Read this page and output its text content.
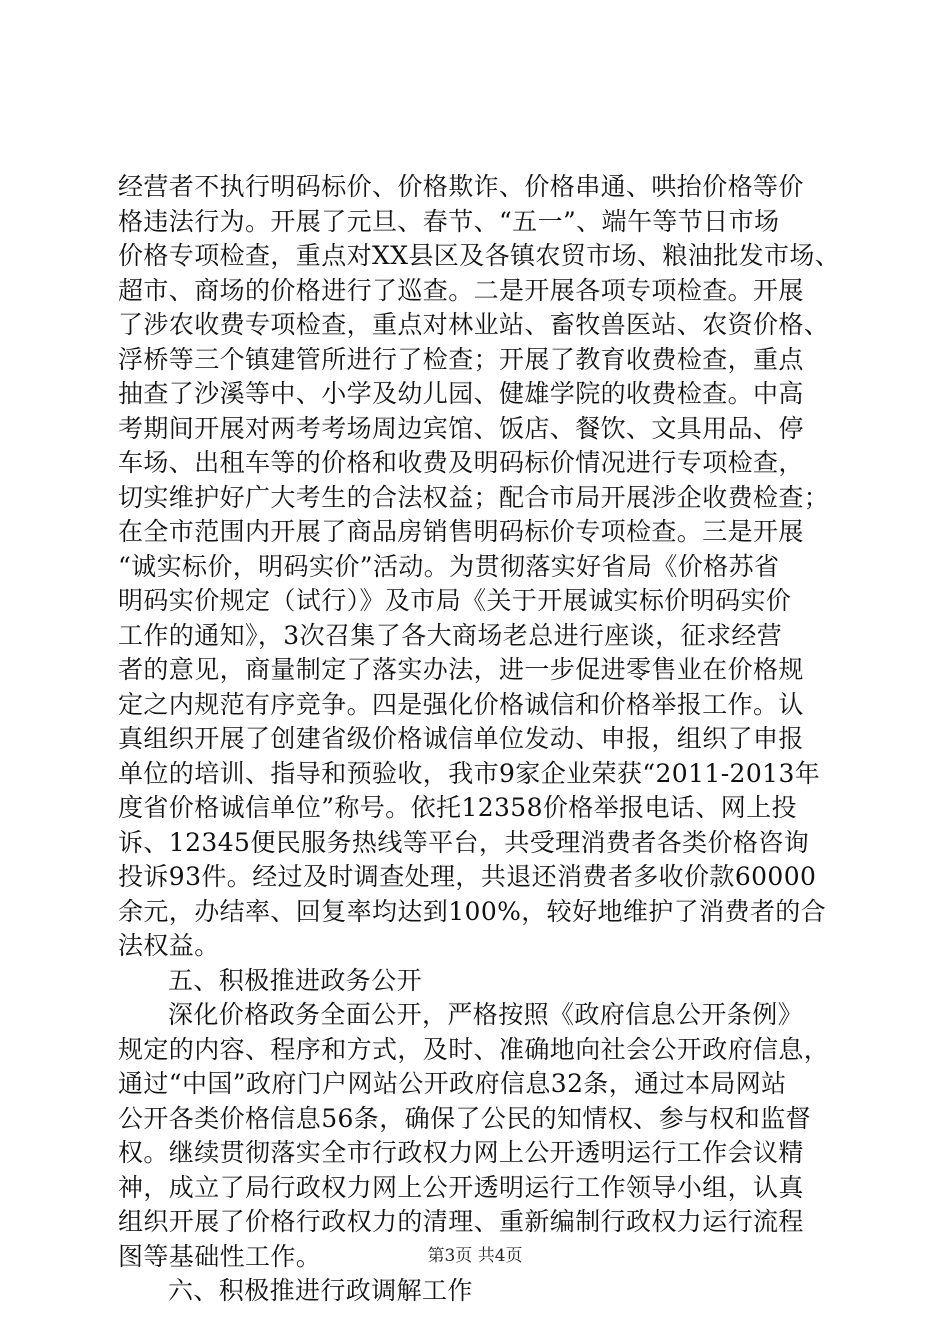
经营者不执行明码标价、价格欺诈、价格串通、哄抬价格等价
格违法行为。开展了元旦、春节、“五一”、端午等节日市场
价格专项检查，重点对XX县区及各镇农贸市场、粮油批发市场、
超市、商场的价格进行了巡查。二是开展各项专项检查。开展
了涉农收费专项检查，重点对林业站、畜牧兽医站、农资价格、
浮桥等三个镇建管所进行了检查；开展了教育收费检查，重点
抽查了沙溪等中、小学及幼儿园、健雄学院的收费检查。中高
考期间开展对两考考场周边宾馆、饭店、餐饮、文具用品、停
车场、出租车等的价格和收费及明码标价情况进行专项检查，
切实维护好广大考生的合法权益；配合市局开展涉企收费检查；
在全市范围内开展了商品房销售明码标价专项检查。三是开展
“诚实标价，明码实价”活动。为贯彻落实好省局《价格苏省
明码实价规定（试行）》及市局《关于开展诚实标价明码实价
工作的通知》，3次召集了各大商场老总进行座谈，征求经营
者的意见，商量制定了落实办法，进一步促进零售业在价格规
定之内规范有序竞争。四是强化价格诚信和价格举报工作。认
真组织开展了创建省级价格诚信单位发动、申报，组织了申报
单位的培训、指导和预验收，我市9家企业荣获“2011-2013年
度省价格诚信单位”称号。依托12358价格举报电话、网上投
诉、12345便民服务热线等平台，共受理消费者各类价格咨询
投诉93件。经过及时调查处理，共退还消费者多收价款60000
余元，办结率、回复率均达到100%，较好地维护了消费者的合
法权益。
五、积极推进政务公开
深化价格政务全面公开，严格按照《政府信息公开条例》
规定的内容、程序和方式，及时、准确地向社会公开政府信息，
通过“中国”政府门户网站公开政府信息32条，通过本局网站
公开各类价格信息56条，确保了公民的知情权、参与权和监督
权。继续贯彻落实全市行政权力网上公开透明运行工作会议精
神，成立了局行政权力网上公开透明运行工作领导小组，认真
组织开展了价格行政权力的清理、重新编制行政权力运行流程
图等基础性工作。
六、积极推进行政调解工作
第3页 共4页
